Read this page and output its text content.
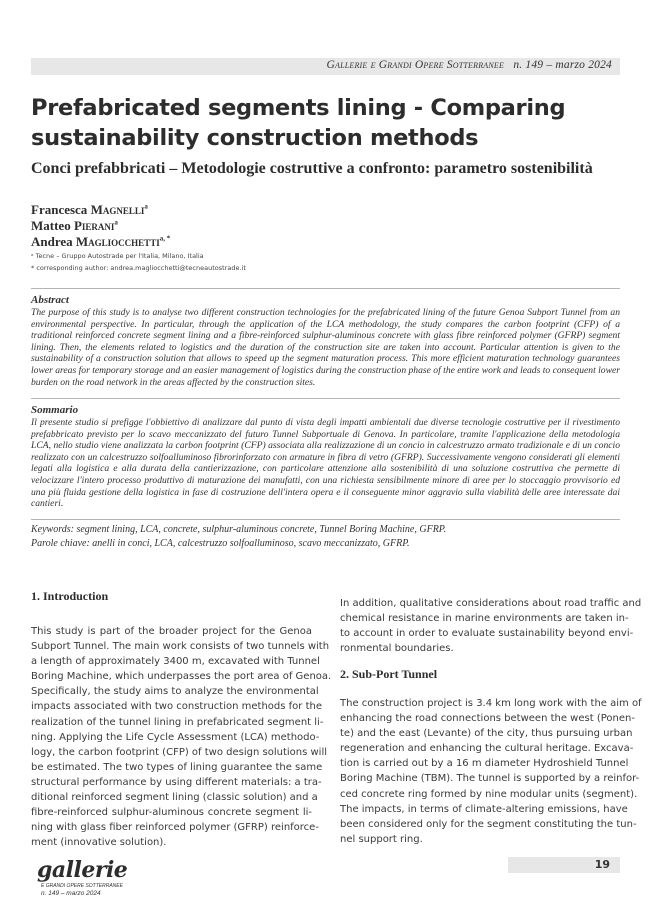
Gallerie e Grandi Opere Sotterranee n. 149 – marzo 2024
Prefabricated segments lining - Comparing sustainability construction methods
Conci prefabbricati – Metodologie costruttive a confronto: parametro sostenibilità
Francesca Magnelli$^a$
Matteo Pierani$^a$
Andrea Magliocchetti$^{a, *}$
ᵃ Tecne – Gruppo Autostrade per l'Italia, Milano, Italia
* corresponding author: andrea.magliocchetti@tecneautostrade.it
Abstract
The purpose of this study is to analyse two different construction technologies for the prefabricated lining of the future Genoa Subport Tunnel from an environmental perspective. In particular, through the application of the LCA methodology, the study compares the carbon footprint (CFP) of a traditional reinforced concrete segment lining and a fibre-reinforced sulphur-aluminous concrete with glass fibre reinforced polymer (GFRP) segment lining. Then, the elements related to logistics and the duration of the construction site are taken into account. Particular attention is given to the sustainability of a construction solution that allows to speed up the segment maturation process. This more efficient maturation technology guarantees lower areas for temporary storage and an easier management of logistics during the construction phase of the entire work and leads to consequent lower burden on the road network in the areas affected by the construction sites.
Sommario
Il presente studio si prefigge l'obbiettivo di analizzare dal punto di vista degli impatti ambientali due diverse tecnologie costruttive per il rivestimento prefabbricato previsto per lo scavo meccanizzato del futuro Tunnel Subportuale di Genova. In particolare, tramite l'applicazione della metodologia LCA, nello studio viene analizzata la carbon footprint (CFP) associata alla realizzazione di un concio in calcestruzzo armato tradizionale e di un concio realizzato con un calcestruzzo solfoalluminoso fibrorinforzato con armature in fibra di vetro (GFRP). Successivamente vengono considerati gli elementi legati alla logistica e alla durata della cantierizzazione, con particolare attenzione alla sostenibilità di una soluzione costruttiva che permette di velocizzare l'intero processo produttivo di maturazione dei manufatti, con una richiesta sensibilmente minore di aree per lo stoccaggio provvisorio ed una più fluida gestione della logistica in fase di costruzione dell'intera opera e il conseguente minor aggravio sulla viabilità delle aree interessate dai cantieri.
Keywords: segment lining, LCA, concrete, sulphur-aluminous concrete, Tunnel Boring Machine, GFRP.
Parole chiave: anelli in conci, LCA, calcestruzzo solfoalluminoso, scavo meccanizzato, GFRP.
1. Introduction
This study is part of the broader project for the Genoa
Subport Tunnel. The main work consists of two tunnels with
a length of approximately 3400 m, excavated with Tunnel
Boring Machine, which underpasses the port area of Genoa.
Specifically, the study aims to analyze the environmental
impacts associated with two construction methods for the
realization of the tunnel lining in prefabricated segment li-
ning. Applying the Life Cycle Assessment (LCA) methodo-
logy, the carbon footprint (CFP) of two design solutions will
be estimated. The two types of lining guarantee the same
structural performance by using different materials: a tra-
ditional reinforced segment lining (classic solution) and a
fibre-reinforced sulphur-aluminous concrete segment li-
ning with glass fiber reinforced polymer (GFRP) reinforce-
ment (innovative solution).
In addition, qualitative considerations about road traffic and
chemical resistance in marine environments are taken in-
to account in order to evaluate sustainability beyond envi-
ronmental boundaries.
2. Sub-Port Tunnel
The construction project is 3.4 km long work with the aim of
enhancing the road connections between the west (Ponen-
te) and the east (Levante) of the city, thus pursuing urban
regeneration and enhancing the cultural heritage. Excava-
tion is carried out by a 16 m diameter Hydroshield Tunnel
Boring Machine (TBM). The tunnel is supported by a reinfor-
ced concrete ring formed by nine modular units (segment).
The impacts, in terms of climate-altering emissions, have
been considered only for the segment constituting the tun-
nel support ring.
gallerie
E GRANDI OPERE SOTTERRANEE
n. 149 – marzo 2024
19
